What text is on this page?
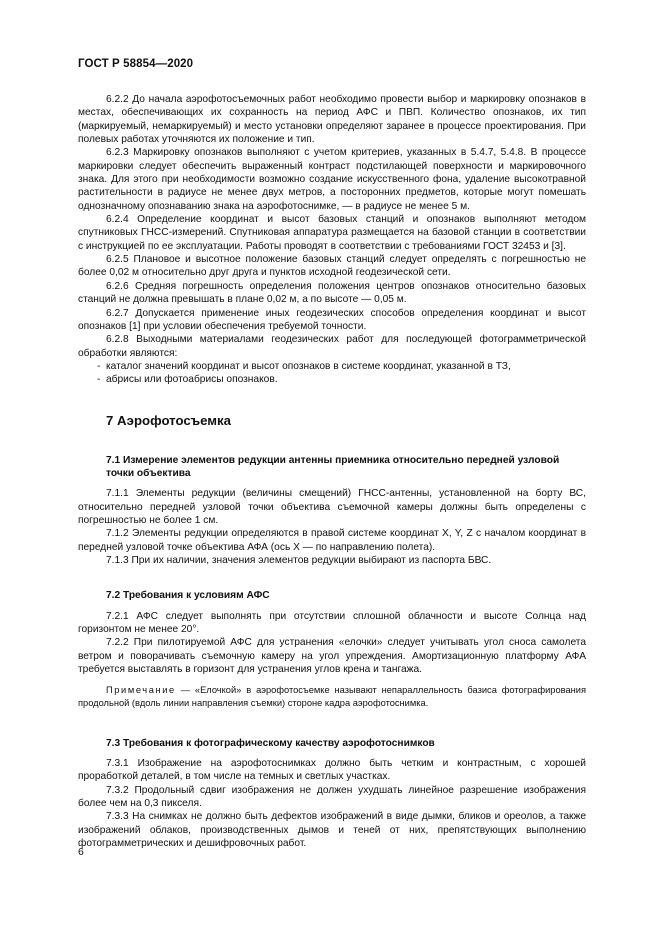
ГОСТ Р 58854—2020

6.2.2 До начала аэрофотосъемочных работ необходимо провести выбор и маркировку опознаков в местах, обеспечивающих их сохранность на период АФС и ПВП. Количество опознаков, их тип (маркируемый, немаркируемый) и место установки определяют заранее в процессе проектирования. При полевых работах уточняются их положение и тип.

6.2.3 Маркировку опознаков выполняют с учетом критериев, указанных в 5.4.7, 5.4.8. В процессе маркировки следует обеспечить выраженный контраст подстилающей поверхности и маркировочного знака. Для этого при необходимости возможно создание искусственного фона, удаление высокотравной растительности в радиусе не менее двух метров, а посторонних предметов, которые могут помешать однозначному опознаванию знака на аэрофотоснимке, — в радиусе не менее 5 м.

6.2.4 Определение координат и высот базовых станций и опознаков выполняют методом спутниковых ГНСС-измерений. Спутниковая аппаратура размещается на базовой станции в соответствии с инструкцией по ее эксплуатации. Работы проводят в соответствии с требованиями ГОСТ 32453 и [3].

6.2.5 Плановое и высотное положение базовых станций следует определять с погрешностью не более 0,02 м относительно друг друга и пунктов исходной геодезической сети.

6.2.6 Средняя погрешность определения положения центров опознаков относительно базовых станций не должна превышать в плане 0,02 м, а по высоте — 0,05 м.

6.2.7 Допускается применение иных геодезических способов определения координат и высот опознаков [1] при условии обеспечения требуемой точности.

6.2.8 Выходными материалами геодезических работ для последующей фотограмметрической обработки являются:

- каталог значений координат и высот опознаков в системе координат, указанной в ТЗ,
- абрисы или фотоабрисы опознаков.
7 Аэрофотосъемка
7.1 Измерение элементов редукции антенны приемника относительно передней узловой
точки объектива

7.1.1 Элементы редукции (величины смещений) ГНСС-антенны, установленной на борту ВС, относительно передней узловой точки объектива съемочной камеры должны быть определены с погрешностью не более 1 см.

7.1.2 Элементы редукции определяются в правой системе координат X, Y, Z с началом координат в передней узловой точке объектива АФА (ось X — по направлению полета).

7.1.3 При их наличии, значения элементов редукции выбирают из паспорта БВС.

7.2 Требования к условиям АФС

7.2.1 АФС следует выполнять при отсутствии сплошной облачности и высоте Солнца над горизонтом не менее 20°.

7.2.2 При пилотируемой АФС для устранения «елочки» следует учитывать угол сноса самолета ветром и поворачивать съемочную камеру на угол упреждения. Амортизационную платформу АФА требуется выставлять в горизонт для устранения углов крена и тангажа.

Примечание — «Елочкой» в аэрофотосъемке называют непараллельность базиса фотографирования продольной (вдоль линии направления съемки) стороне кадра аэрофотоснимка.

7.3 Требования к фотографическому качеству аэрофотоснимков

7.3.1 Изображение на аэрофотоснимках должно быть четким и контрастным, с хорошей проработкой деталей, в том числе на темных и светлых участках.

7.3.2 Продольный сдвиг изображения не должен ухудшать линейное разрешение изображения более чем на 0,3 пикселя.

7.3.3 На снимках не должно быть дефектов изображений в виде дымки, бликов и ореолов, а также изображений облаков, производственных дымов и теней от них, препятствующих выполнению фотограмметрических и дешифровочных работ.

6
